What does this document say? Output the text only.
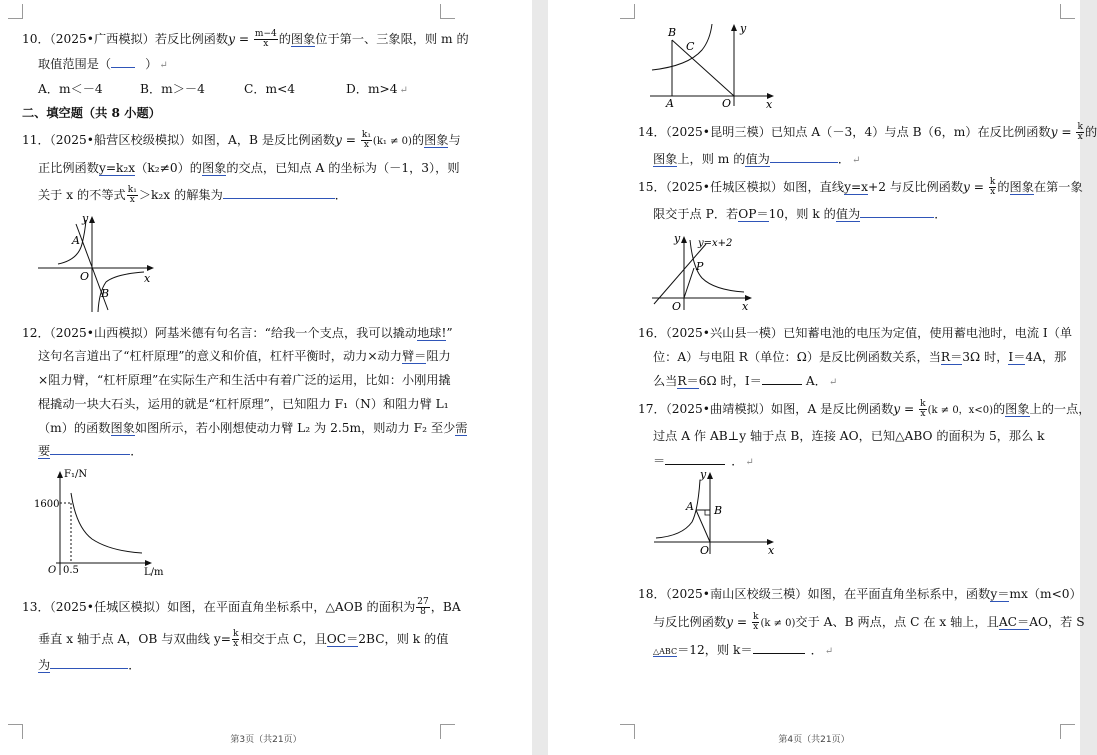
10．（2025•广西模拟）若反比例函数$y = \frac{m-4}{x}$ 的图象位于第一、三象限，则 m 的
取值范围是（	） ↵
A．m＜－4	B．m＞－4	C．m<4	D．m>4 ↵
二、填空题（共 8 小题）
11．（2025•船营区校级模拟）如图，A，B 是反比例函数$y = \frac{\text{k₁}}{x} (k_1 \ne 0)$的图象与
正比例函数y=k₂x（k₂≠0）的图象的交点，已知点 A 的坐标为（－1，3），则
关于 x 的不等式 $\frac{\text{k₁}}{x} >k_2x$ 的解集为	．
A
B
O	x
y
12．（2025•山西模拟）阿基米德有句名言：“给我一个支点，我可以撬动地球!”
这句名言道出了“杠杆原理”的意义和价值，杠杆平衡时，动力×动力臂＝阻力
×阻力臂，“杠杆原理”在实际生产和生活中有着广泛的运用，比如：小刚用撬
棍撬动一块大石头，运用的就是“杠杆原理”，已知阻力 F₁（N）和阻力臂 L₁
（m）的函数图象如图所示，若小刚想使动力臂 L₂ 为 2.5m，则动力 F₂ 至少需
要	．
F₁/N
1600
0.5
O	L/m
13．（2025•任城区模拟）如图，在平面直角坐标系中，△AOB 的面积为 $\frac{27}{8}$ ，BA
垂直 x 轴于点 A，OB 与双曲线 $y= \frac{k}{x}$ 相交于点 C，且OC＝2BC，则 k 的值
为	．
第3页（共21页）
B
C
A	O	x
y
14．（2025•昆明三模）已知点 A（－3，4）与点 B（6，m）在反比例函数$y = \frac{k}{x}$ 的
图象上，则 m 的值为	． ↵
15．（2025•任城区模拟）如图，直线y=x+2 与反比例函数$y = \frac{k}{x}$ 的图象在第一象
限交于点 P．若OP＝10，则 k 的值为	．
y=x+2
P
O	x
y
16．（2025•兴山县一模）已知蓄电池的电压为定值，使用蓄电池时，电流 I（单
位：A）与电阻 R（单位：Ω）是反比例函数关系，当R＝3Ω 时，I＝4A，那
么当R＝6Ω 时，I＝	A． ↵
17．（2025•曲靖模拟）如图，A 是反比例函数$y = \frac{k}{x} (k \ne 0$，x<0)的图象上的一点，
过点 A 作 AB⊥y 轴于点 B，连接 AO，已知△ABO 的面积为 5，那么 k
＝	． ↵
A B
O	x
y
18．（2025•南山区校级三模）如图，在平面直角坐标系中，函数y＝mx（m<0）
与反比例函数$y = \frac{k}{x} (k \ne 0)$交于 A、B 两点，点 C 在 x 轴上，且AC＝AO，若 S
△ABC＝12，则 k＝	． ↵
第4页（共21页）
